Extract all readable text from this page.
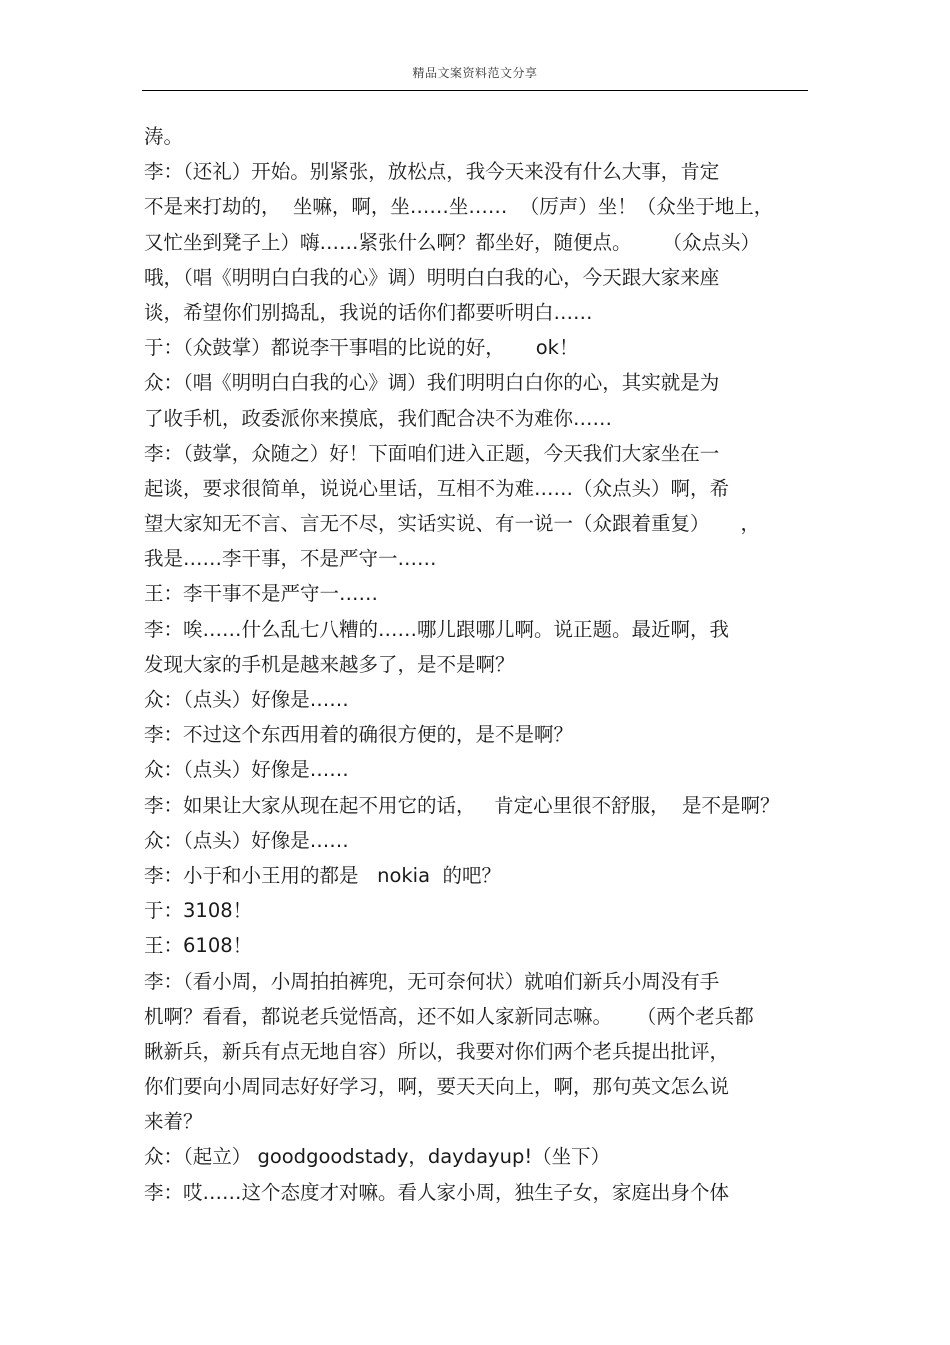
精品文案资料范文分享
涛。
李：（还礼）开始。别紧张，放松点，我今天来没有什么大事，肯定
不是来打劫的，  坐嘛，啊，坐……坐……  （厉声）坐！（众坐于地上，
又忙坐到凳子上）嗨……紧张什么啊？都坐好，随便点。     （众点头）
哦，（唱《明明白白我的心》调）明明白白我的心，今天跟大家来座
谈，希望你们别捣乱，我说的话你们都要听明白……
于：（众鼓掌）都说李干事唱的比说的好，     ok！
众：（唱《明明白白我的心》调）我们明明白白你的心，其实就是为
了收手机，政委派你来摸底，我们配合决不为难你……
李：（鼓掌，众随之）好！下面咱们进入正题，今天我们大家坐在一
起谈，要求很简单，说说心里话，互相不为难……（众点头）啊，希
望大家知无不言、言无不尽，实话实说、有一说一（众跟着重复）     ，
我是……李干事，不是严守一……
王：李干事不是严守一……
李：唉……什么乱七八糟的……哪儿跟哪儿啊。说正题。最近啊，我
发现大家的手机是越来越多了，是不是啊？
众：（点头）好像是……
李：不过这个东西用着的确很方便的，是不是啊？
众：（点头）好像是……
李：如果让大家从现在起不用它的话，   肯定心里很不舒服，  是不是啊？
众：（点头）好像是……
李：小于和小王用的都是   nokia  的吧？
于：3108！
王：6108！
李：（看小周，小周拍拍裤兜，无可奈何状）就咱们新兵小周没有手
机啊？看看，都说老兵觉悟高，还不如人家新同志嘛。    （两个老兵都
瞅新兵，新兵有点无地自容）所以，我要对你们两个老兵提出批评，
你们要向小周同志好好学习，啊，要天天向上，啊，那句英文怎么说
来着？
众：（起立） goodgoodstady，daydayup!（坐下）
李：哎……这个态度才对嘛。看人家小周，独生子女，家庭出身个体
